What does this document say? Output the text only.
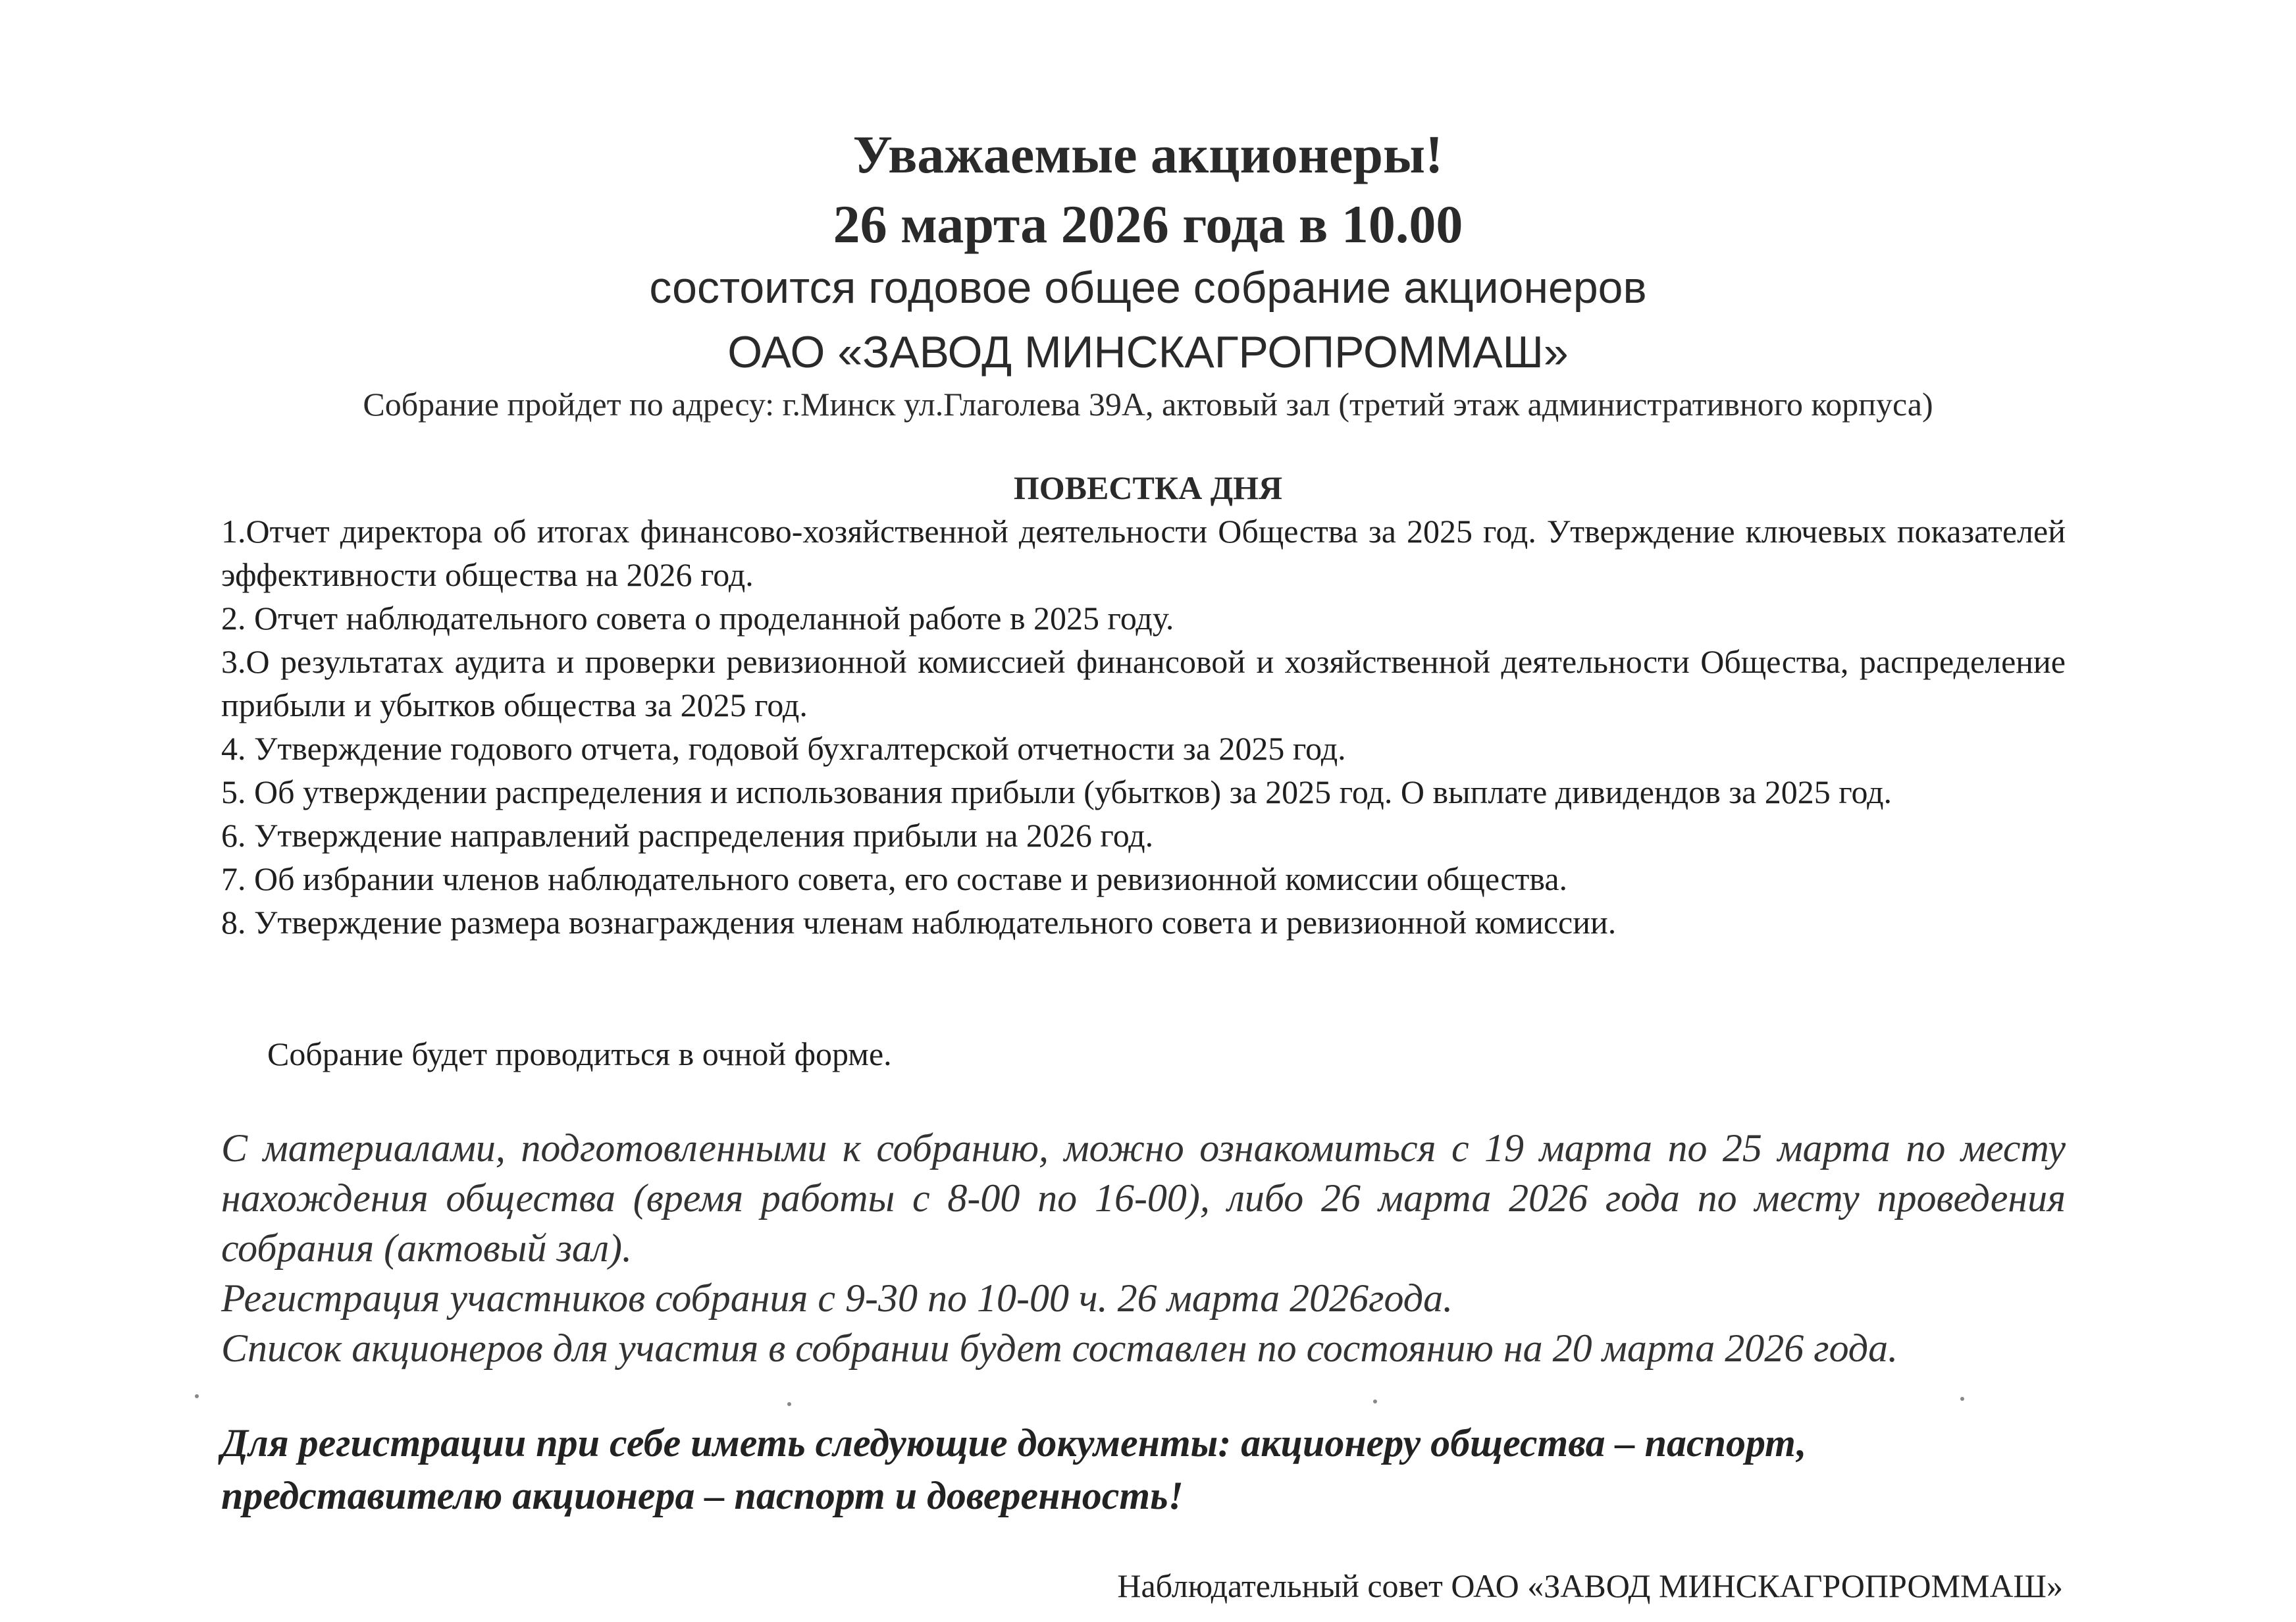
Уважаемые акционеры!
26 марта 2026 года в 10.00
состоится годовое общее собрание акционеров
ОАО «ЗАВОД МИНСКАГРОПРОММАШ»
Собрание пройдет по адресу: г.Минск ул.Глаголева 39А, актовый зал (третий этаж административного корпуса)
ПОВЕСТКА ДНЯ

1.Отчет директора об итогах финансово-хозяйственной деятельности Общества за 2025 год. Утверждение ключевых показателей эффективности общества на 2026 год.

2. Отчет наблюдательного совета о проделанной работе в 2025 году.

3.О результатах аудита и проверки ревизионной комиссией финансовой и хозяйственной деятельности Общества, распределение прибыли и убытков общества за 2025 год.

4. Утверждение годового отчета, годовой бухгалтерской отчетности за 2025 год.

5. Об утверждении распределения и использования прибыли (убытков) за 2025 год. О выплате дивидендов за 2025 год.

6. Утверждение направлений распределения прибыли на 2026 год.

7. Об избрании членов наблюдательного совета, его составе и ревизионной комиссии общества.

8. Утверждение размера вознаграждения членам наблюдательного совета и ревизионной комиссии.

Собрание будет проводиться в очной форме.

С материалами, подготовленными к собранию, можно ознакомиться с 19 марта по 25 марта по месту нахождения общества (время работы с 8-00 по 16-00), либо 26 марта 2026 года по месту проведения собрания (актовый зал).

Регистрация участников собрания с 9-30 по 10-00 ч. 26 марта 2026года.

Список акционеров для участия в собрании будет составлен по состоянию на 20 марта 2026 года.

Для регистрации при себе иметь следующие документы: акционеру общества – паспорт, представителю акционера – паспорт и доверенность!
Наблюдательный совет ОАО «ЗАВОД МИНСКАГРОПРОММАШ»
